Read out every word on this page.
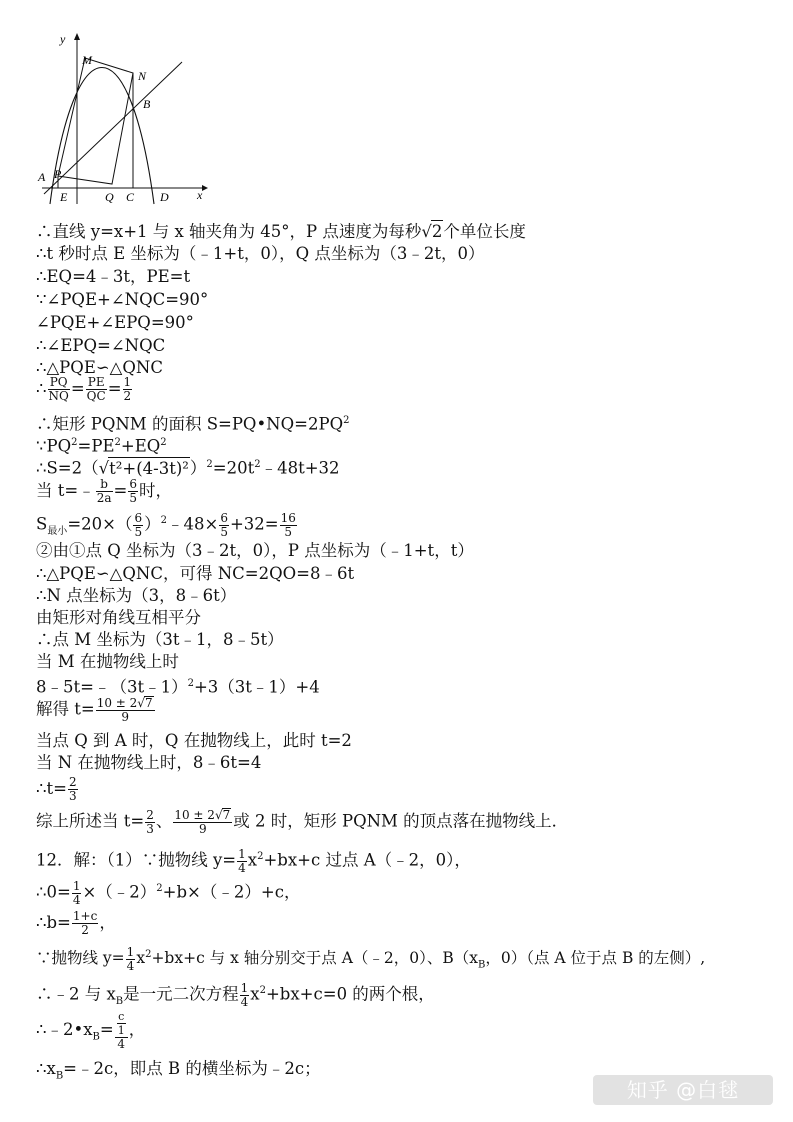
y
x
M
N
B
A P
E	Q C D
∴直线 y=x+1 与 x 轴夹角为 45°，P 点速度为每秒√2个单位长度
∴t 秒时点 E 坐标为（﹣1+t，0），Q 点坐标为（3﹣2t，0）
∴EQ=4﹣3t，PE=t
∵∠PQE+∠NQC=90°
∠PQE+∠EPQ=90°
∴∠EPQ=∠NQC
∴△PQE∽△QNC
∴ $\frac{PQ}{NQ} = \frac{PE}{QC} = \frac{1}{2}$
∴矩形 PQNM 的面积 $S=PQ•NQ=2PQ^2$
$\because PQ^2=PE^2+EQ^2$
$\therefore S=2(√t^2+(4-3t)^2)^2=20t^2﹣48t+32$
当 t=﹣ $\frac{b}{2a} = \frac{6}{5}$ 时，
$S_{最小}=20\times( \frac{6}{5}$ ）$^2﹣48\times \frac{6}{5} +32= \frac{16}{5}$
②由①点 Q 坐标为（3﹣2t，0），P 点坐标为（﹣1+t，t）
∴△PQE∽△QNC，可得 NC=2QO=8﹣6t
∴N 点坐标为（3，8﹣6t）
由矩形对角线互相平分
∴点 M 坐标为（3t﹣1，8﹣5t）
当 M 在抛物线上时
8﹣5t=﹣（3t﹣1）$^2$+3（3t﹣1）+4
解得 $t= \frac{10 \pm 2√7}{9}$
当点 Q 到 A 时，Q 在抛物线上，此时 t=2
当 N 在抛物线上时，8﹣6t=4
∴t= $\frac{2}{3}$
综上所述当 $t= \frac{2}{3}$ 、 $\frac{10 \pm 2√7}{9}$ 或 2 时，矩形 PQNM 的顶点落在抛物线上．
12．解：（1）∵抛物线 $y= \frac{1}{4} x^2+bx+c$ 过点 A（﹣2，0），
∴0= $\frac{1}{4}$ ×（﹣2）$^2$+b×（﹣2）+c，
∴b= $\frac{1+c}{2}$ ，
∵抛物线 $y= \frac{1}{4} x^2+bx+c$ 与 x 轴分别交于点 A（﹣2，0）、$B(x_B$，0）（点 A 位于点 B 的左侧）,
∴﹣2 与 $x_B$是一元二次方程 $\frac{1}{4} x^2+bx+c=0$ 的两个根，
$\therefore﹣2•x_B= \frac{\frac{c}{1}}{4}$ ，
$\therefore x_B=﹣2c$，即点 B 的横坐标为﹣2c；
知乎 @白毬
